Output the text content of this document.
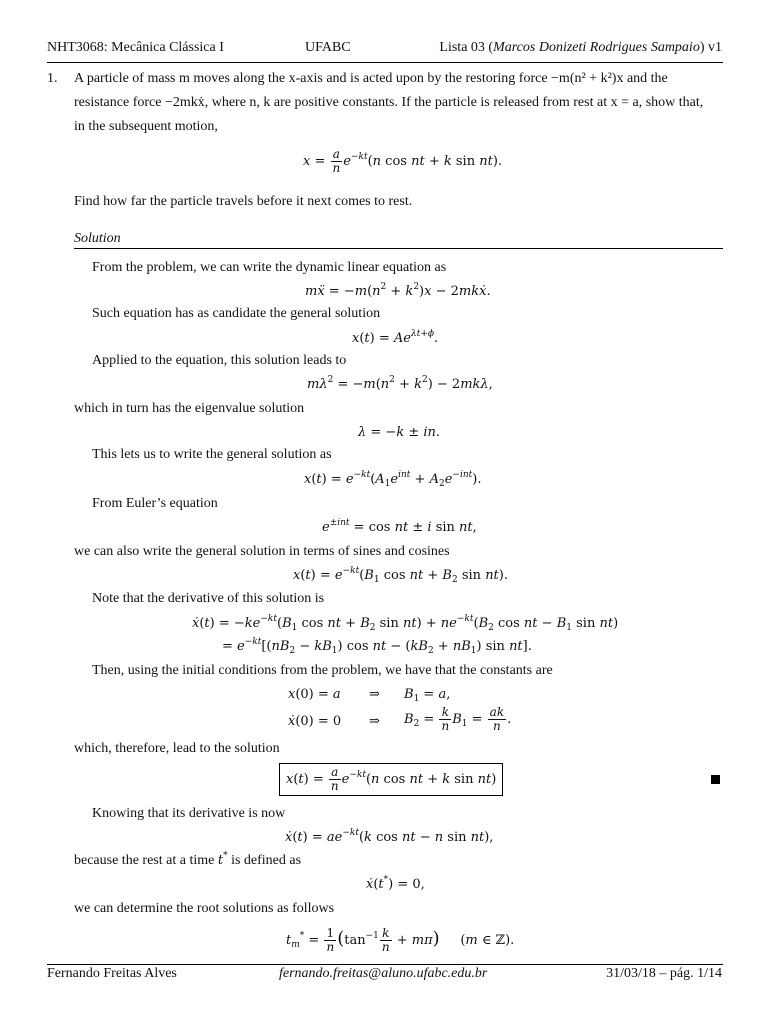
NHT3068: Mecânica Clássica I	UFABC	Lista 03 (Marcos Donizeti Rodrigues Sampaio) v1
1. A particle of mass m moves along the x-axis and is acted upon by the restoring force −m(n² + k²)x and the
resistance force −2mkẋ, where n, k are positive constants. If the particle is released from rest at x = a, show that,
in the subsequent motion,
$x = \frac{a}{n} e^{-kt}(n$ cos nt + k sin nt).
Find how far the particle travels before it next comes to rest.
Solution
From the problem, we can write the dynamic linear equation as
mẍ = $-m(n^2 + k^2)x$ − 2mkẋ.
Such equation has as candidate the general solution
$x(t) = Ae^{\lambda t+\phi}$.
Applied to the equation, this solution leads to
$m\lambda^2 = -m(n^2 + k^2) - 2mk\lambda$,
which in turn has the eigenvalue solution
λ = −k ± in.
This lets us to write the general solution as
$x(t) = e^{-kt}(A_1e^{int} + A_2e^{-int})$.
From Euler’s equation
$e^{\pm int} = \cos$ nt ± i sin nt,
we can also write the general solution in terms of sines and cosines
$x(t) = e^{-kt}(B_1$ cos nt + $B_2$ sin nt).
Note that the derivative of this solution is
ẋ(t) = $-ke^{-kt}(B_1$ cos nt + $B_2$ $\sin nt) + ne^{-kt}(B_2$ cos nt − $B_1$ sin nt)
= $e^{-kt}[(nB_2 - kB_1)$ cos nt − $(kB_2 + nB_1)$ sin nt].
Then, using the initial conditions from the problem, we have that the constants are
x(0) = a ⇒ $B_1 = a$,
ẋ(0) = 0 ⇒ $B_2 = \frac{k}{n} B_1 = \frac{ak}{n}$ .
which, therefore, lead to the solution
$x(t) = \frac{a}{n} e^{-kt}(n$ cos nt + k sin nt)
Knowing that its derivative is now
ẋ(t) = $ae^{-kt}(k$ cos nt − n sin nt),
because the rest at a time t* is defined as
ẋ(t*) = 0,
we can determine the root solutions as follows
$t_m^* = \frac{1}{n} (\tan^{-1} \frac{k}{n} + m\pi)$     (m ∈ ℤ).
Fernando Freitas Alves	fernando.freitas@aluno.ufabc.edu.br	31/03/18 – pág. 1/14
